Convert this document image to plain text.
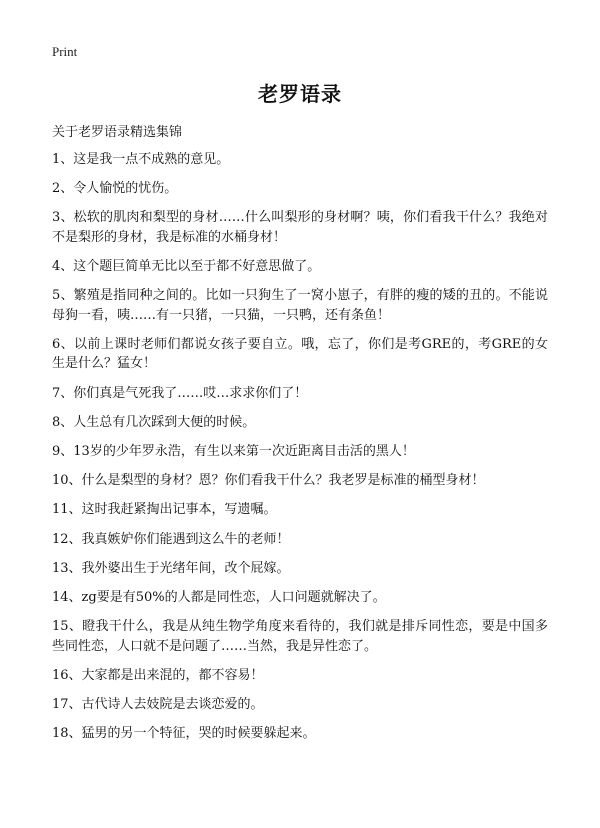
Print
老罗语录

关于老罗语录精选集锦

1、这是我一点不成熟的意见。
2、令人愉悦的忧伤。
3、松软的肌肉和梨型的身材……什么叫梨形的身材啊？咦，你们看我干什么？我绝对不是梨形的身材，我是标准的水桶身材！
4、这个题巨简单无比以至于都不好意思做了。
5、繁殖是指同种之间的。比如一只狗生了一窝小崽子，有胖的瘦的矮的丑的。不能说母狗一看，咦……有一只猪，一只猫，一只鸭，还有条鱼！
6、以前上课时老师们都说女孩子要自立。哦，忘了，你们是考GRE的，考GRE的女生是什么？猛女！
7、你们真是气死我了……哎…求求你们了！
8、人生总有几次踩到大便的时候。
9、13岁的少年罗永浩，有生以来第一次近距离目击活的黑人！
10、什么是梨型的身材？恩？你们看我干什么？我老罗是标准的桶型身材！
11、这时我赶紧掏出记事本，写遗嘱。
12、我真嫉妒你们能遇到这么牛的老师！
13、我外婆出生于光绪年间，改个屁嫁。
14、zg要是有50%的人都是同性恋，人口问题就解决了。
15、瞪我干什么，我是从纯生物学角度来看待的，我们就是排斥同性恋，要是中国多些同性恋，人口就不是问题了……当然，我是异性恋了。
16、大家都是出来混的，都不容易！
17、古代诗人去妓院是去谈恋爱的。
18、猛男的另一个特征，哭的时候要躲起来。
